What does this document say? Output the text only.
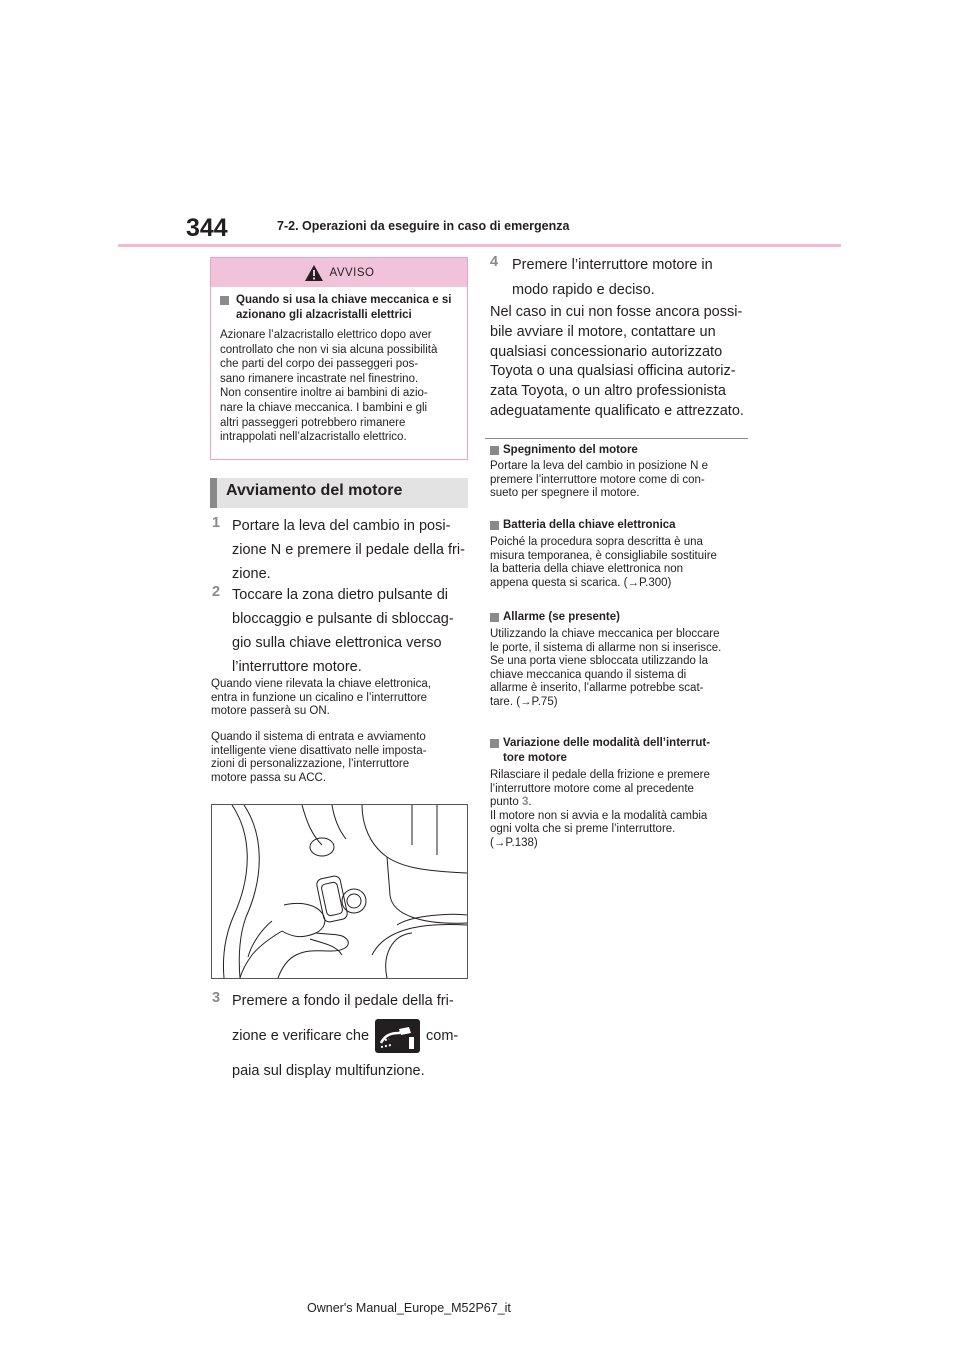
344	7-2. Operazioni da eseguire in caso di emergenza
AVVISO
Quando si usa la chiave meccanica e si azionano gli alzacristalli elettrici
Azionare l’alzacristallo elettrico dopo aver
controllato che non vi sia alcuna possibilità
che parti del corpo dei passeggeri pos-
sano rimanere incastrate nel finestrino.
Non consentire inoltre ai bambini di azio-
nare la chiave meccanica. I bambini e gli
altri passeggeri potrebbero rimanere
intrappolati nell’alzacristallo elettrico.
Avviamento del motore
1 Portare la leva del cambio in posi-
zione N e premere il pedale della fri-
zione.
2 Toccare la zona dietro pulsante di
bloccaggio e pulsante di sbloccag-
gio sulla chiave elettronica verso
l’interruttore motore.
Quando viene rilevata la chiave elettronica,
entra in funzione un cicalino e l’interruttore
motore passerà su ON.
Quando il sistema di entrata e avviamento
intelligente viene disattivato nelle imposta-
zioni di personalizzazione, l’interruttore
motore passa su ACC.
3 Premere a fondo il pedale della fri-
zione e verificare che	com-
paia sul display multifunzione.
4 Premere l’interruttore motore in
modo rapido e deciso.
Nel caso in cui non fosse ancora possi-
bile avviare il motore, contattare un
qualsiasi concessionario autorizzato
Toyota o una qualsiasi officina autoriz-
zata Toyota, o un altro professionista
adeguatamente qualificato e attrezzato.
Spegnimento del motore
Portare la leva del cambio in posizione N e
premere l’interruttore motore come di con-
sueto per spegnere il motore.
Batteria della chiave elettronica
Poiché la procedura sopra descritta è una
misura temporanea, è consigliabile sostituire
la batteria della chiave elettronica non
appena questa si scarica. (→P.300)
Allarme (se presente)
Utilizzando la chiave meccanica per bloccare
le porte, il sistema di allarme non si inserisce.
Se una porta viene sbloccata utilizzando la
chiave meccanica quando il sistema di
allarme è inserito, l’allarme potrebbe scat-
tare. (→P.75)
Variazione delle modalità dell’interrut-
tore motore
Rilasciare il pedale della frizione e premere
l’interruttore motore come al precedente
punto 3.
Il motore non si avvia e la modalità cambia
ogni volta che si preme l’interruttore.
(→P.138)
Owner's Manual_Europe_M52P67_it
